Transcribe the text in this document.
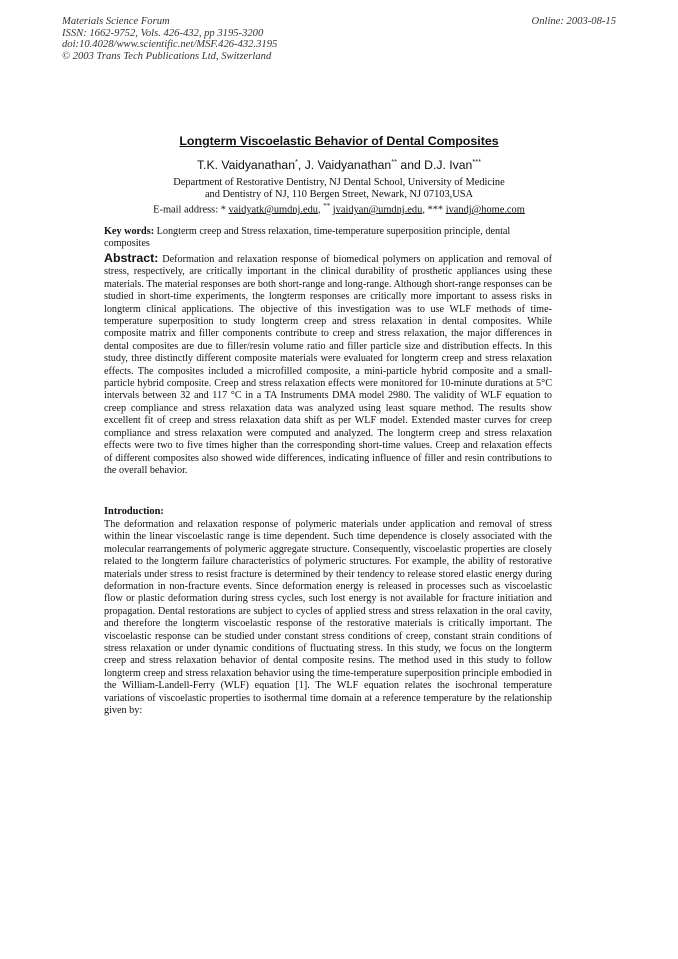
Materials Science Forum
ISSN: 1662-9752, Vols. 426-432, pp 3195-3200
doi:10.4028/www.scientific.net/MSF.426-432.3195
© 2003 Trans Tech Publications Ltd, Switzerland
Online: 2003-08-15
Longterm Viscoelastic Behavior of Dental Composites
T.K. Vaidyanathan*, J. Vaidyanathan** and D.J. Ivan***
Department of Restorative Dentistry, NJ Dental School, University of Medicine
and Dentistry of NJ, 110 Bergen Street, Newark, NJ 07103,USA
E-mail address: * vaidyatk@umdnj.edu, ** jvaidyan@umdnj.edu, *** ivandj@home.com
Key words: Longterm creep and Stress relaxation, time-temperature superposition principle, dental composites
Abstract: Deformation and relaxation response of biomedical polymers on application and removal of stress, respectively, are critically important in the clinical durability of prosthetic appliances using these materials. The material responses are both short-range and long-range. Although short-range responses can be studied in short-time experiments, the longterm responses are critically more important to assess risks in longterm clinical applications. The objective of this investigation was to use WLF methods of time-temperature superposition to study longterm creep and stress relaxation in dental composites. While composite matrix and filler components contribute to creep and stress relaxation, the major differences in dental composites are due to filler/resin volume ratio and filler particle size and distribution effects. In this study, three distinctly different composite materials were evaluated for longterm creep and stress relaxation effects. The composites included a microfilled composite, a mini-particle hybrid composite and a small-particle hybrid composite. Creep and stress relaxation effects were monitored for 10-minute durations at 5°C intervals between 32 and 117 °C in a TA Instruments DMA model 2980. The validity of WLF equation to creep compliance and stress relaxation data was analyzed using least square method. The results show excellent fit of creep and stress relaxation data shift as per WLF model. Extended master curves for creep compliance and stress relaxation were computed and analyzed. The longterm creep and stress relaxation effects were two to five times higher than the corresponding short-time values. Creep and relaxation effects of different composites also showed wide differences, indicating influence of filler and resin contributions to the overall behavior.
Introduction:
The deformation and relaxation response of polymeric materials under application and removal of stress within the linear viscoelastic range is time dependent. Such time dependence is closely associated with the molecular rearrangements of polymeric aggregate structure. Consequently, viscoelastic properties are closely related to the longterm failure characteristics of polymeric structures. For example, the ability of restorative materials under stress to resist fracture is determined by their tendency to release stored elastic energy during deformation in non-fracture events. Since deformation energy is released in processes such as viscoelastic flow or plastic deformation during stress cycles, such lost energy is not available for fracture initiation and propagation. Dental restorations are subject to cycles of applied stress and stress relaxation in the oral cavity, and therefore the longterm viscoelastic response of the restorative materials is critically important. The viscoelastic response can be studied under constant stress conditions of creep, constant strain conditions of stress relaxation or under dynamic conditions of fluctuating stress. In this study, we focus on the longterm creep and stress relaxation behavior of dental composite resins. The method used in this study to follow longterm creep and stress relaxation behavior using the time-temperature superposition principle embodied in the William-Landell-Ferry (WLF) equation [1]. The WLF equation relates the isochronal temperature variations of viscoelastic properties to isothermal time domain at a reference temperature by the relationship given by:
